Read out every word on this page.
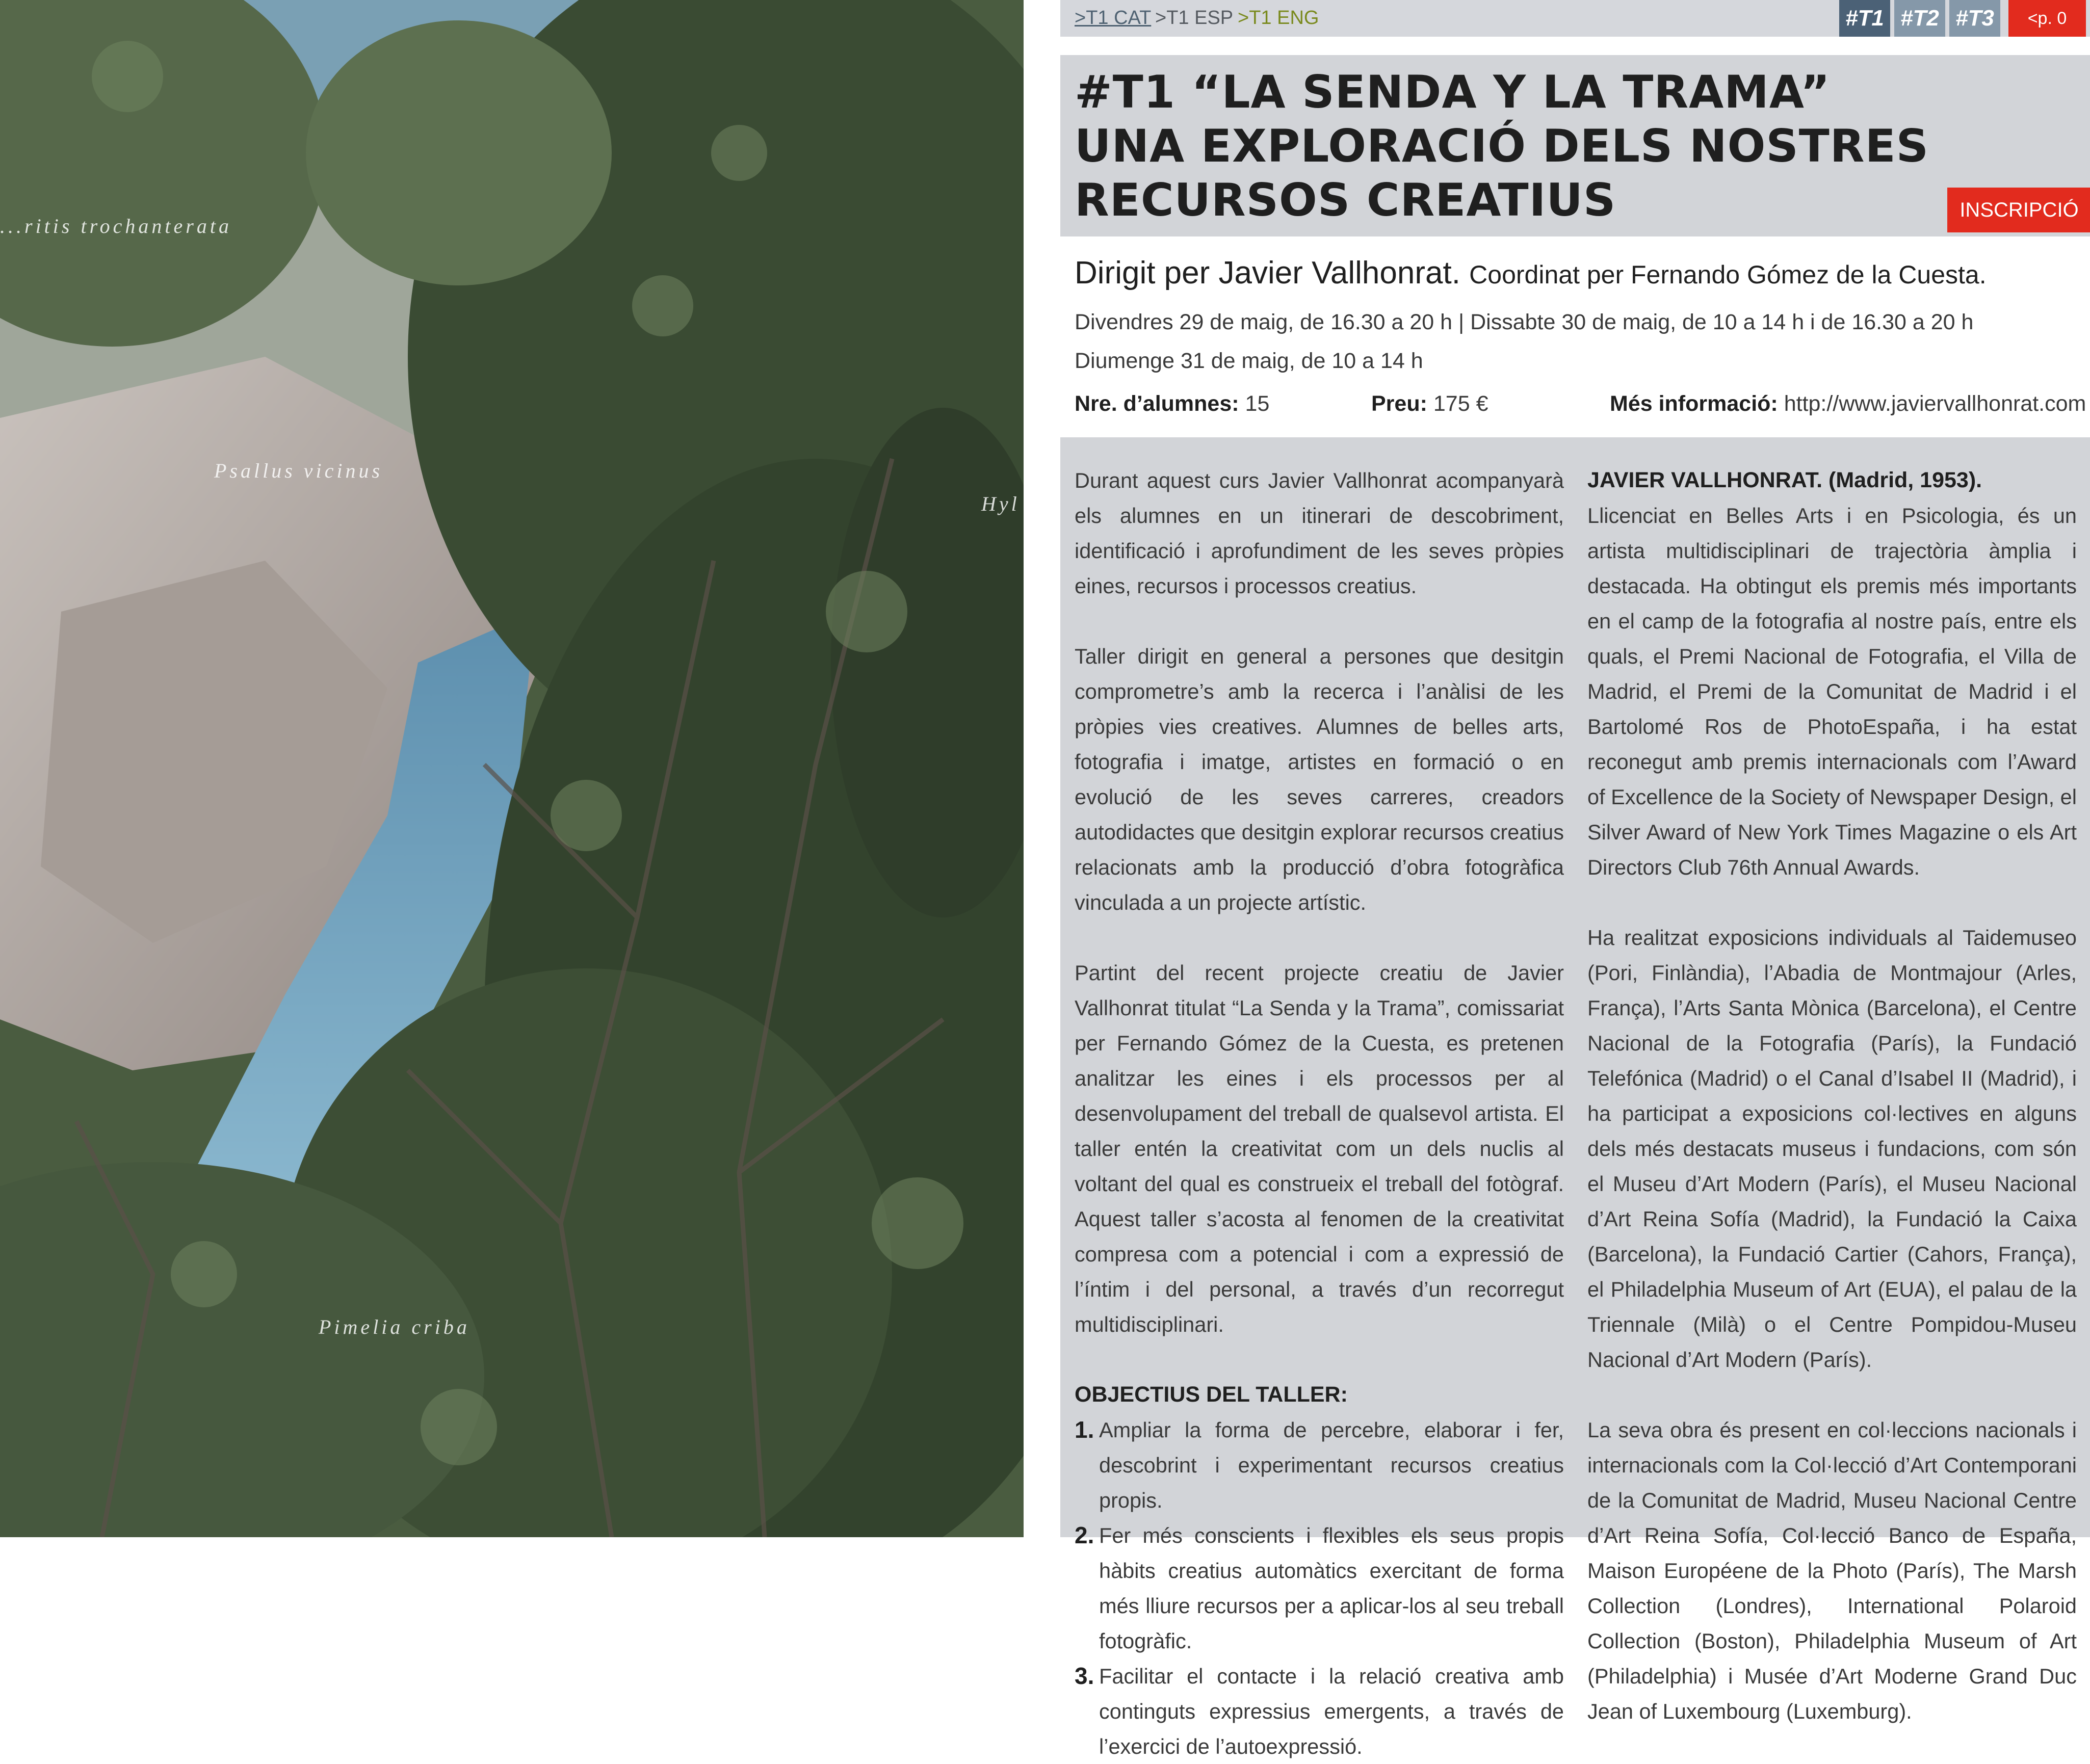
...ritis trochanterata
Psallus vicinus
Hyl
Pimelia criba
>T1 CAT >T1 ESP >T1 ENG	#T1 #T2 #T3	<p. 0
#T1 “LA SENDA Y LA TRAMA”
UNA EXPLORACIÓ DELS NOSTRES
RECURSOS CREATIUS	INSCRIPCIÓ
Dirigit per Javier Vallhonrat. Coordinat per Fernando Gómez de la Cuesta.
Divendres 29 de maig, de 16.30 a 20 h | Dissabte 30 de maig, de 10 a 14 h i de 16.30 a 20 h
Diumenge 31 de maig, de 10 a 14 h
Nre. d’alumnes: 15	Preu: 175 €	Més informació: http://www.javiervallhonrat.com

Durant aquest curs Javier Vallhonrat acompanyarà els alumnes en un itinerari de descobriment, identificació i aprofundiment de les seves pròpies eines, recursos i processos creatius.

Taller dirigit en general a persones que desitgin comprometre’s amb la recerca i l’anàlisi de les pròpies vies creatives. Alumnes de belles arts, fotografia i imatge, artistes en formació o en evolució de les seves carreres, creadors autodidactes que desitgin explorar recursos creatius relacionats amb la producció d’obra fotogràfica vinculada a un projecte artístic.

Partint del recent projecte creatiu de Javier Vallhonrat titulat “La Senda y la Trama”, comissariat per Fernando Gómez de la Cuesta, es pretenen analitzar les eines i els processos per al desenvolupament del treball de qualsevol artista. El taller entén la creativitat com un dels nuclis al voltant del qual es construeix el treball del fotògraf. Aquest taller s’acosta al fenomen de la creativitat compresa com a potencial i com a expressió de l’íntim i del personal, a través d’un recorregut multidisciplinari.

OBJECTIUS DEL TALLER:
1. Ampliar la forma de percebre, elaborar i fer, descobrint i experimentant recursos creatius propis.
2. Fer més conscients i flexibles els seus propis hàbits creatius automàtics exercitant de forma més lliure recursos per a aplicar-los al seu treball fotogràfic.
3. Facilitar el contacte i la relació creativa amb continguts expressius emergents, a través de l’exercici de l’autoexpressió.
JAVIER VALLHONRAT. (Madrid, 1953).

Llicenciat en Belles Arts i en Psicologia, és un artista multidisciplinari de trajectòria àmplia i destacada. Ha obtingut els premis més importants en el camp de la fotografia al nostre país, entre els quals, el Premi Nacional de Fotografia, el Villa de Madrid, el Premi de la Comunitat de Madrid i el Bartolomé Ros de PhotoEspaña, i ha estat reconegut amb premis internacionals com l’Award of Excellence de la Society of Newspaper Design, el Silver Award of New York Times Magazine o els Art Directors Club 76th Annual Awards.

Ha realitzat exposicions individuals al Taidemuseo (Pori, Finlàndia), l’Abadia de Montmajour (Arles, França), l’Arts Santa Mònica (Barcelona), el Centre Nacional de la Fotografia (París), la Fundació Telefónica (Madrid) o el Canal d’Isabel II (Madrid), i ha participat a exposicions col·lectives en alguns dels més destacats museus i fundacions, com són el Museu d’Art Modern (París), el Museu Nacional d’Art Reina Sofía (Madrid), la Fundació la Caixa (Barcelona), la Fundació Cartier (Cahors, França), el Philadelphia Museum of Art (EUA), el palau de la Triennale (Milà) o el Centre Pompidou-Museu Nacional d’Art Modern (París).

La seva obra és present en col·leccions nacionals i internacionals com la Col·lecció d’Art Contemporani de la Comunitat de Madrid, Museu Nacional Centre d’Art Reina Sofía, Col·lecció Banco de España, Maison Européene de la Photo (París), The Marsh Collection (Londres), International Polaroid Collection (Boston), Philadelphia Museum of Art (Philadelphia) i Musée d’Art Moderne Grand Duc Jean of Luxembourg (Luxemburg).
